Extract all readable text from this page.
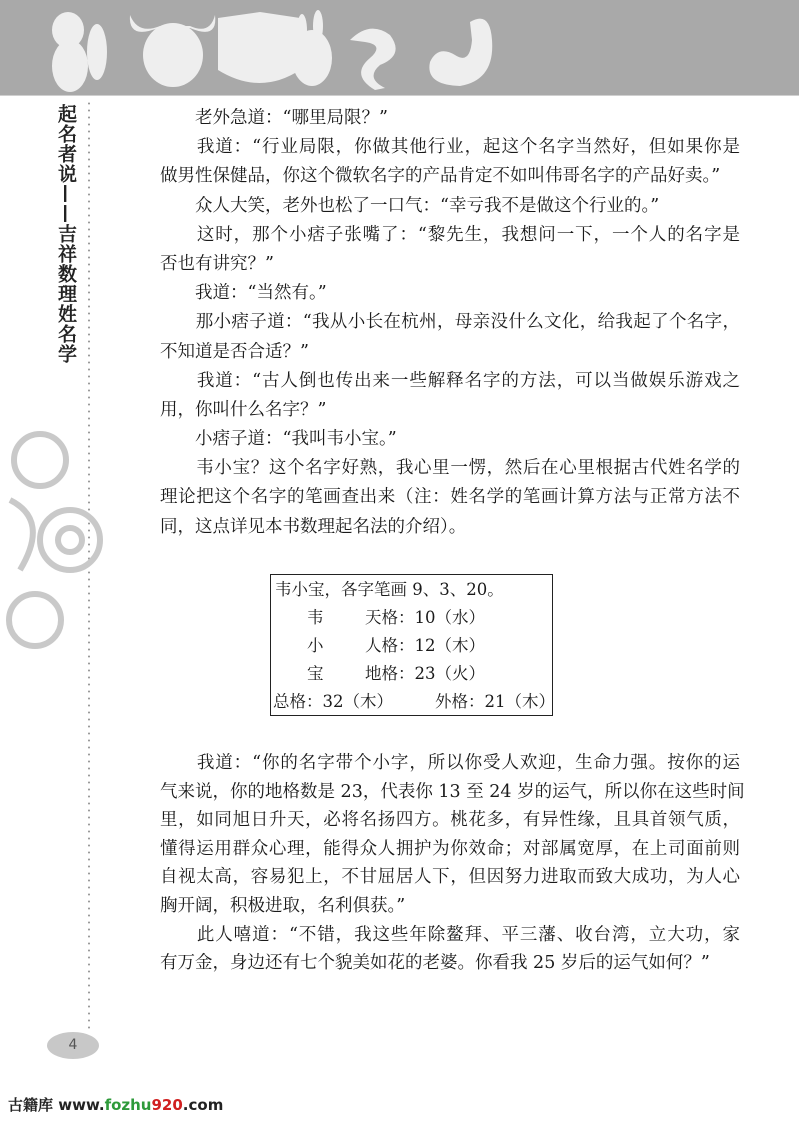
起名者说——吉祥数理姓名学	　　老外急道：“哪里局限？”
　　我道：“行业局限，你做其他行业，起这个名字当然好，但如果你是
做男性保健品，你这个微软名字的产品肯定不如叫伟哥名字的产品好卖。”
　　众人大笑，老外也松了一口气：“幸亏我不是做这个行业的。”
　　这时，那个小痞子张嘴了：“黎先生，我想问一下，一个人的名字是
否也有讲究？”
　　我道：“当然有。”
　　那小痞子道：“我从小长在杭州，母亲没什么文化，给我起了个名字，
不知道是否合适？”
　　我道：“古人倒也传出来一些解释名字的方法，可以当做娱乐游戏之
用，你叫什么名字？”
　　小痞子道：“我叫韦小宝。”
　　韦小宝？这个名字好熟，我心里一愣，然后在心里根据古代姓名学的
理论把这个名字的笔画查出来（注：姓名学的笔画计算方法与正常方法不
同，这点详见本书数理起名法的介绍）。
韦小宝，各字笔画 9、3、20。
韦	天格：10（水）
小	人格：12（木）
宝	地格：23（火）
总格：32（木）	外格：21（木）
　　我道：“你的名字带个小字，所以你受人欢迎，生命力强。按你的运
气来说，你的地格数是 23，代表你 13 至 24 岁的运气，所以你在这些时间
里，如同旭日升天，必将名扬四方。桃花多，有异性缘，且具首领气质，
懂得运用群众心理，能得众人拥护为你效命；对部属宽厚，在上司面前则
自视太高，容易犯上，不甘屈居人下，但因努力进取而致大成功，为人心
胸开阔，积极进取，名利俱获。”
　　此人嘻道：“不错，我这些年除鳌拜、平三藩、收台湾，立大功，家
有万金，身边还有七个貌美如花的老婆。你看我 25 岁后的运气如何？”
4
古籍库 www.fozhu920.com
